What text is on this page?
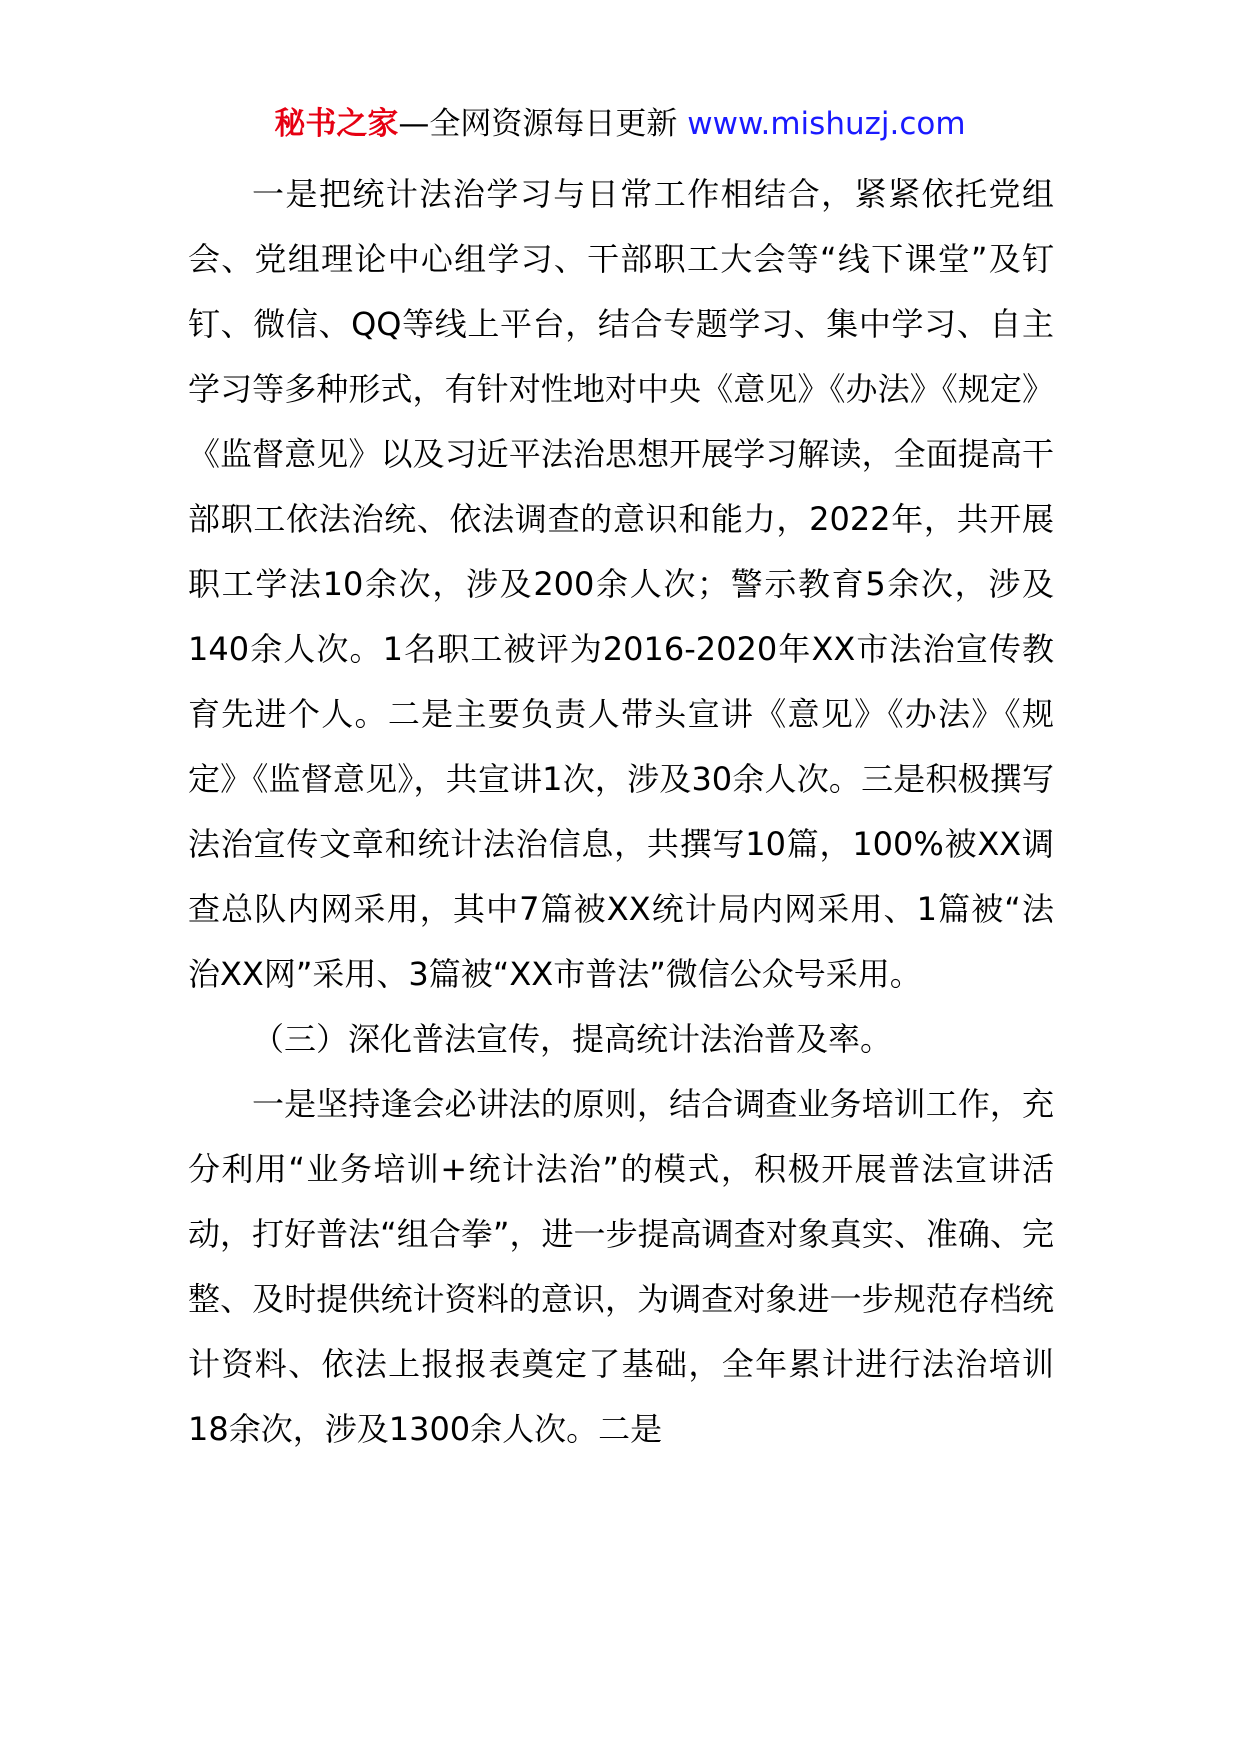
秘书之家—全网资源每日更新 www.mishuzj.com

一是把统计法治学习与日常工作相结合，紧紧依托党组会、党组理论中心组学习、干部职工大会等“线下课堂”及钉钉、微信、QQ等线上平台，结合专题学习、集中学习、自主学习等多种形式，有针对性地对中央《意见》《办法》《规定》《监督意见》以及习近平法治思想开展学习解读，全面提高干部职工依法治统、依法调查的意识和能力，2022年，共开展职工学法10余次，涉及200余人次；警示教育5余次，涉及140余人次。1名职工被评为2016-2020年XX市法治宣传教育先进个人。二是主要负责人带头宣讲《意见》《办法》《规定》《监督意见》，共宣讲1次，涉及30余人次。三是积极撰写法治宣传文章和统计法治信息，共撰写10篇，100%被XX调查总队内网采用，其中7篇被XX统计局内网采用、1篇被“法治XX网”采用、3篇被“XX市普法”微信公众号采用。

（三）深化普法宣传，提高统计法治普及率。

一是坚持逢会必讲法的原则，结合调查业务培训工作，充分利用“业务培训+统计法治”的模式，积极开展普法宣讲活动，打好普法“组合拳”，进一步提高调查对象真实、准确、完整、及时提供统计资料的意识，为调查对象进一步规范存档统计资料、依法上报报表奠定了基础，全年累计进行法治培训18余次，涉及1300余人次。二是
